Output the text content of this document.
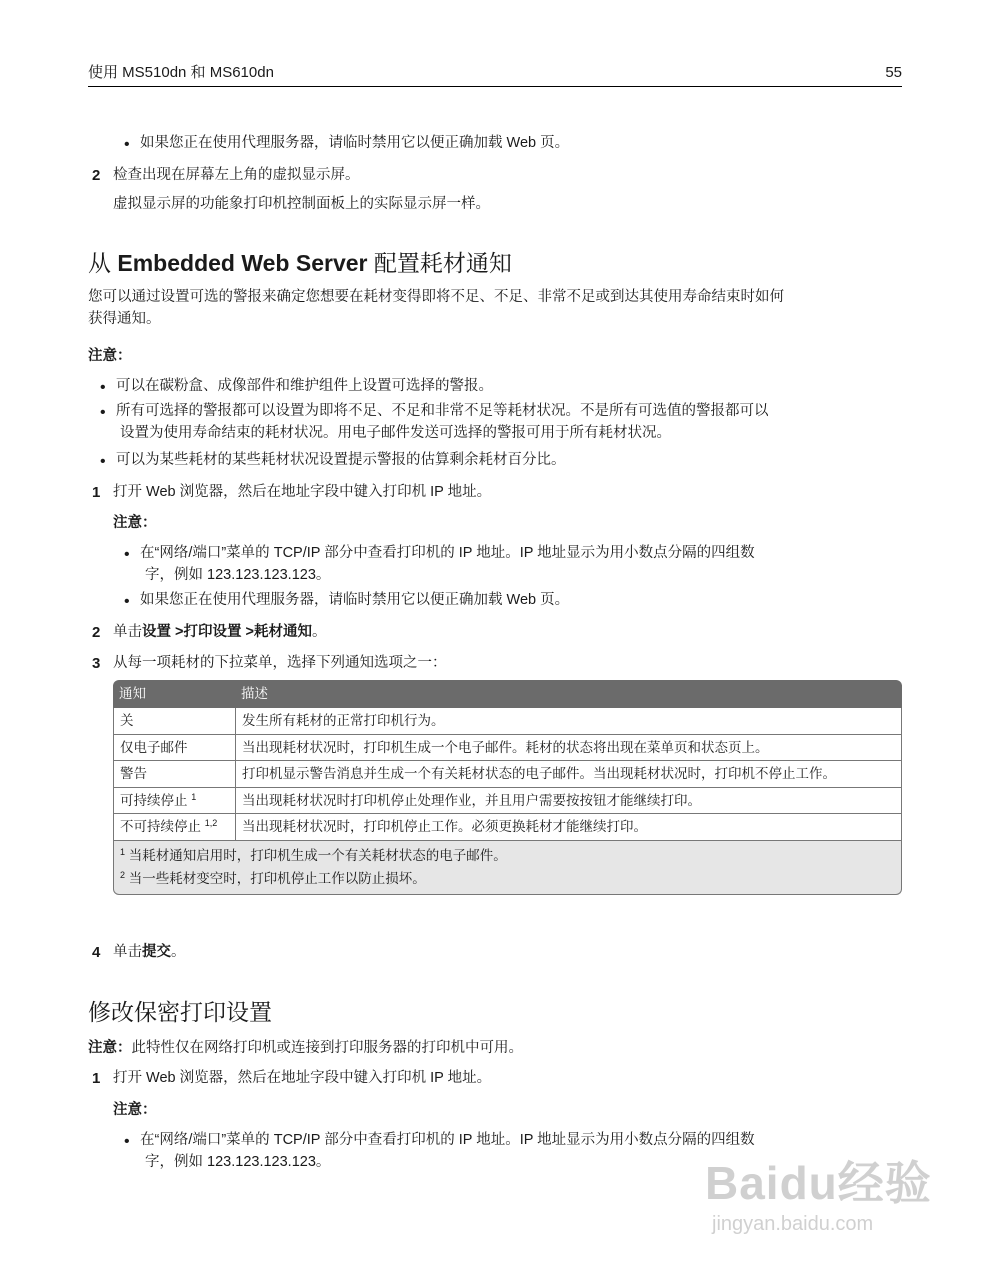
使用 MS510dn 和 MS610dn	55
• 如果您正在使用代理服务器，请临时禁用它以便正确加载 Web 页。
2 检查出现在屏幕左上角的虚拟显示屏。
虚拟显示屏的功能象打印机控制面板上的实际显示屏一样。
从 Embedded Web Server 配置耗材通知
您可以通过设置可选的警报来确定您想要在耗材变得即将不足、不足、非常不足或到达其使用寿命结束时如何
获得通知。
注意：
• 可以在碳粉盒、成像部件和维护组件上设置可选择的警报。
• 所有可选择的警报都可以设置为即将不足、不足和非常不足等耗材状况。不是所有可选值的警报都可以
设置为使用寿命结束的耗材状况。用电子邮件发送可选择的警报可用于所有耗材状况。
• 可以为某些耗材的某些耗材状况设置提示警报的估算剩余耗材百分比。
1 打开 Web 浏览器，然后在地址字段中键入打印机 IP 地址。
注意：
• 在“网络/端口”菜单的 TCP/IP 部分中查看打印机的 IP 地址。IP 地址显示为用小数点分隔的四组数
字，例如 123.123.123.123。
• 如果您正在使用代理服务器，请临时禁用它以便正确加载 Web 页。
2 单击设置 >打印设置 >耗材通知。
3 从每一项耗材的下拉菜单，选择下列通知选项之一：
通知	描述
关	发生所有耗材的正常打印机行为。
仅电子邮件	当出现耗材状况时，打印机生成一个电子邮件。耗材的状态将出现在菜单页和状态页上。
警告	打印机显示警告消息并生成一个有关耗材状态的电子邮件。当出现耗材状况时，打印机不停止工作。
可持续停止 $^1$	当出现耗材状况时打印机停止处理作业，并且用户需要按按钮才能继续打印。
不可持续停止 $^{1,2}$	当出现耗材状况时，打印机停止工作。必须更换耗材才能继续打印。

$^1$ 当耗材通知启用时，打印机生成一个有关耗材状态的电子邮件。
$^2$ 当一些耗材变空时，打印机停止工作以防止损坏。	
4 单击提交。
修改保密打印设置
注意：此特性仅在网络打印机或连接到打印服务器的打印机中可用。
1 打开 Web 浏览器，然后在地址字段中键入打印机 IP 地址。
注意：
• 在“网络/端口”菜单的 TCP/IP 部分中查看打印机的 IP 地址。IP 地址显示为用小数点分隔的四组数
字，例如 123.123.123.123。	Baidu经验
jingyan.baidu.com
